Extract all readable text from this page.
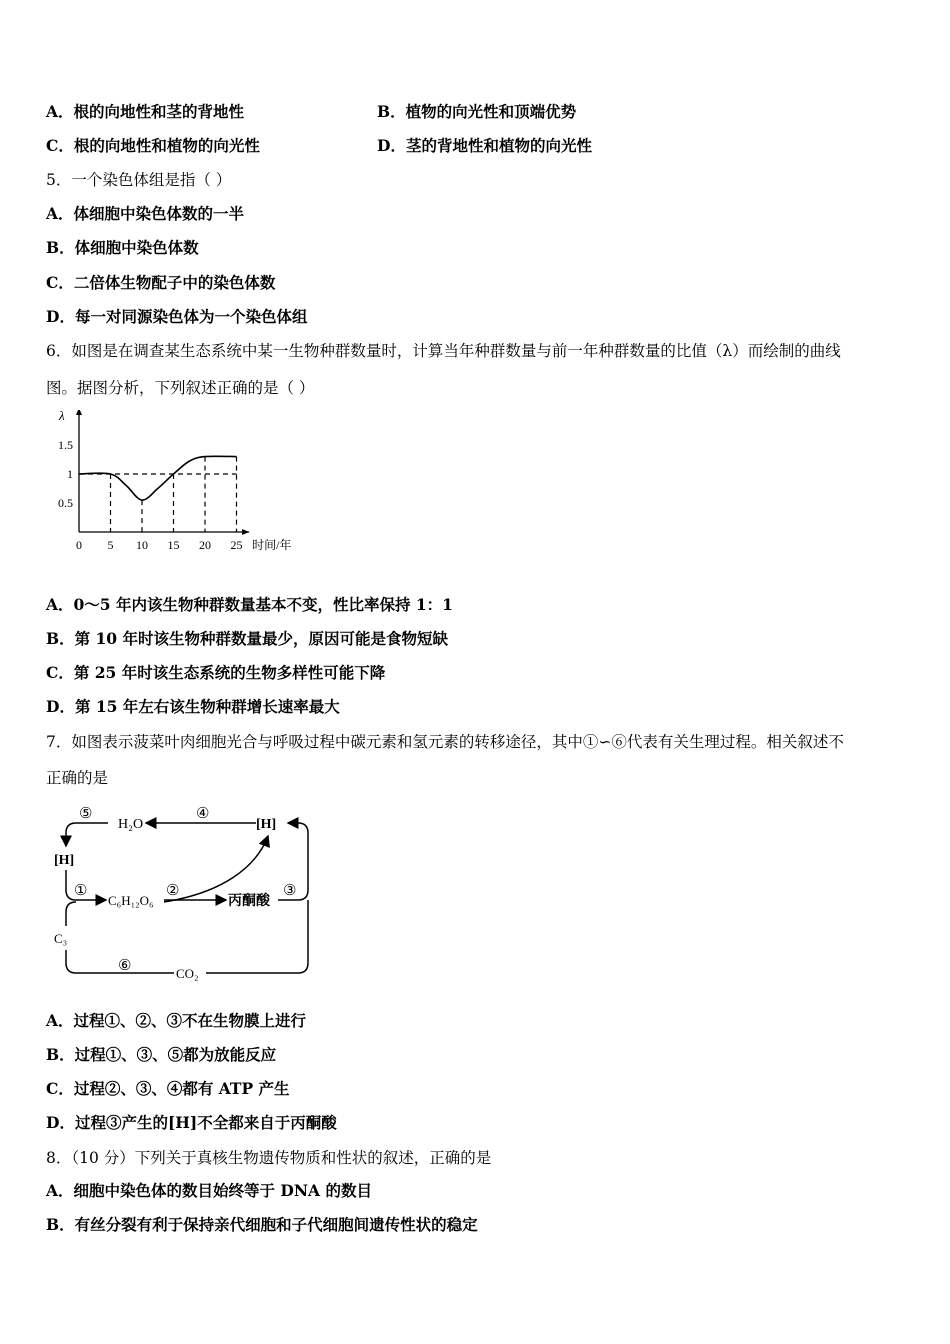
A．根的向地性和茎的背地性	B．植物的向光性和顶端优势
C．根的向地性和植物的向光性	D．茎的背地性和植物的向光性
5．一个染色体组是指（ ）
A．体细胞中染色体数的一半
B．体细胞中染色体数
C．二倍体生物配子中的染色体数
D．每一对同源染色体为一个染色体组
6．如图是在调查某生态系统中某一生物种群数量时，计算当年种群数量与前一年种群数量的比值（λ）而绘制的曲线
图。据图分析，下列叙述正确的是（ ）
λ
0.5
1
1.5
0 5 10 15 20 25 时间/年
A．0～5 年内该生物种群数量基本不变，性比率保持 1：1
B．第 10 年时该生物种群数量最少，原因可能是食物短缺
C．第 25 年时该生态系统的生物多样性可能下降
D．第 15 年左右该生物种群增长速率最大
7．如图表示菠菜叶肉细胞光合与呼吸过程中碳元素和氢元素的转移途径，其中①∽⑥代表有关生理过程。相关叙述不
正确的是
H₂O	[H]
[H]
C₆H₁₂O₆	丙酮酸
C₃
CO₂
⑤	④
①	②	③
⑥
A．过程①、②、③不在生物膜上进行
B．过程①、③、⑤都为放能反应
C．过程②、③、④都有 ATP 产生
D．过程③产生的[H]不全都来自于丙酮酸
8．（10 分）下列关于真核生物遗传物质和性状的叙述，正确的是
A．细胞中染色体的数目始终等于 DNA 的数目
B．有丝分裂有利于保持亲代细胞和子代细胞间遗传性状的稳定
